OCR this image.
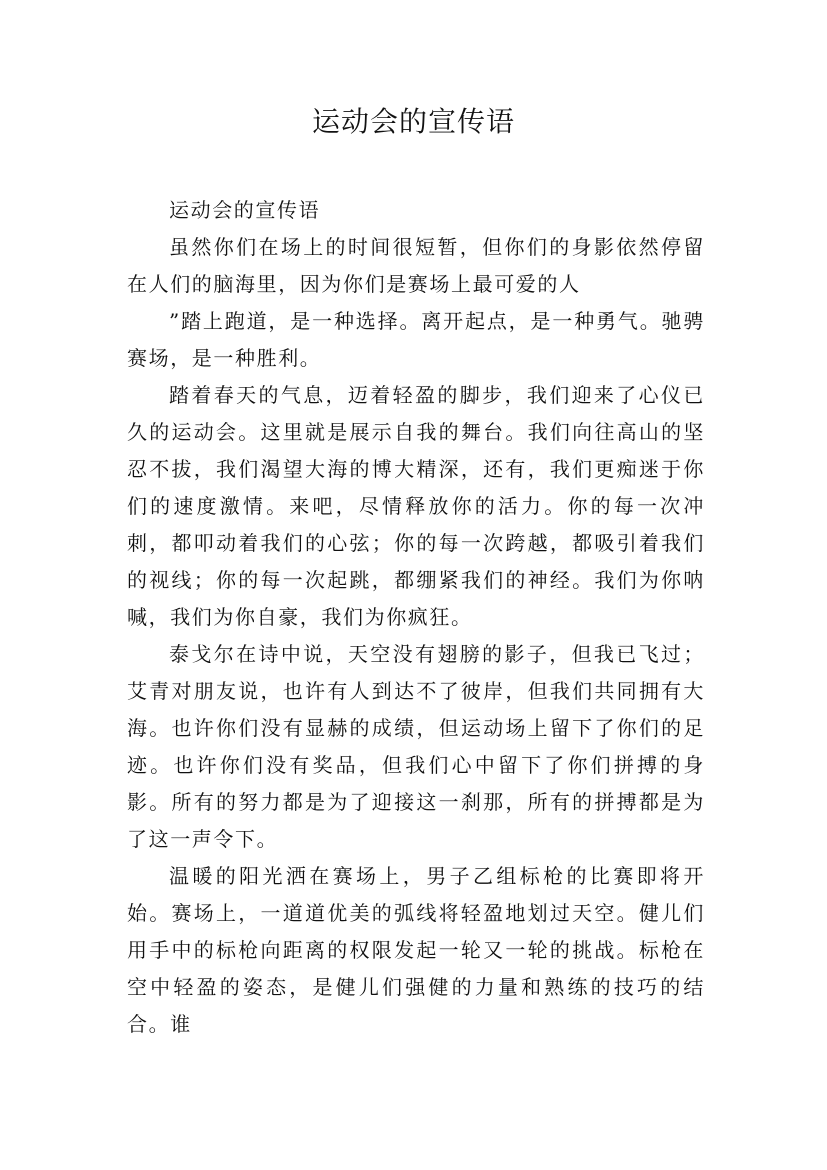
运动会的宣传语

运动会的宣传语

虽然你们在场上的时间很短暂，但你们的身影依然停留在人们的脑海里，因为你们是赛场上最可爱的人

”踏上跑道，是一种选择。离开起点，是一种勇气。驰骋赛场，是一种胜利。

踏着春天的气息，迈着轻盈的脚步，我们迎来了心仪已久的运动会。这里就是展示自我的舞台。我们向往高山的坚忍不拔，我们渴望大海的博大精深，还有，我们更痴迷于你们的速度激情。来吧，尽情释放你的活力。你的每一次冲刺，都叩动着我们的心弦；你的每一次跨越，都吸引着我们的视线；你的每一次起跳，都绷紧我们的神经。我们为你呐喊，我们为你自豪，我们为你疯狂。

泰戈尔在诗中说，天空没有翅膀的影子，但我已飞过；艾青对朋友说，也许有人到达不了彼岸，但我们共同拥有大海。也许你们没有显赫的成绩，但运动场上留下了你们的足迹。也许你们没有奖品，但我们心中留下了你们拼搏的身影。所有的努力都是为了迎接这一刹那，所有的拼搏都是为了这一声令下。

温暖的阳光洒在赛场上，男子乙组标枪的比赛即将开始。赛场上，一道道优美的弧线将轻盈地划过天空。健儿们用手中的标枪向距离的权限发起一轮又一轮的挑战。标枪在空中轻盈的姿态，是健儿们强健的力量和熟练的技巧的结合。谁
